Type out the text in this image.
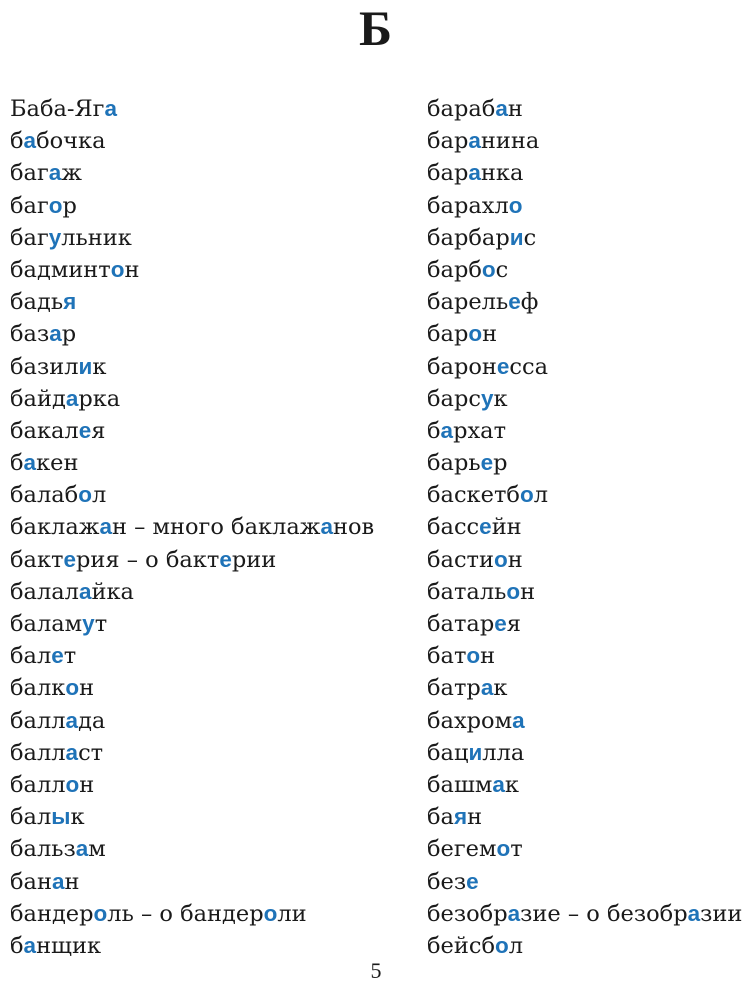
Б
Баба-Яга
бабочка
багаж
багор
багульник
бадминтон
бадья
базар
базилик
байдарка
бакалея
бакен
балабол
баклажан – много баклажанов
бактерия – о бактерии
балалайка
баламут
балет
балкон
баллада
балласт
баллон
балык
бальзам
банан
бандероль – о бандероли
банщик
барабан
баранина
баранка
барахло
барбарис
барбос
барельеф
барон
баронесса
барсук
бархат
барьер
баскетбол
бассейн
бастион
батальон
батарея
батон
батрак
бахрома
бацилла
башмак
баян
бегемот
безе
безобразие – о безобразии
бейсбол
5
